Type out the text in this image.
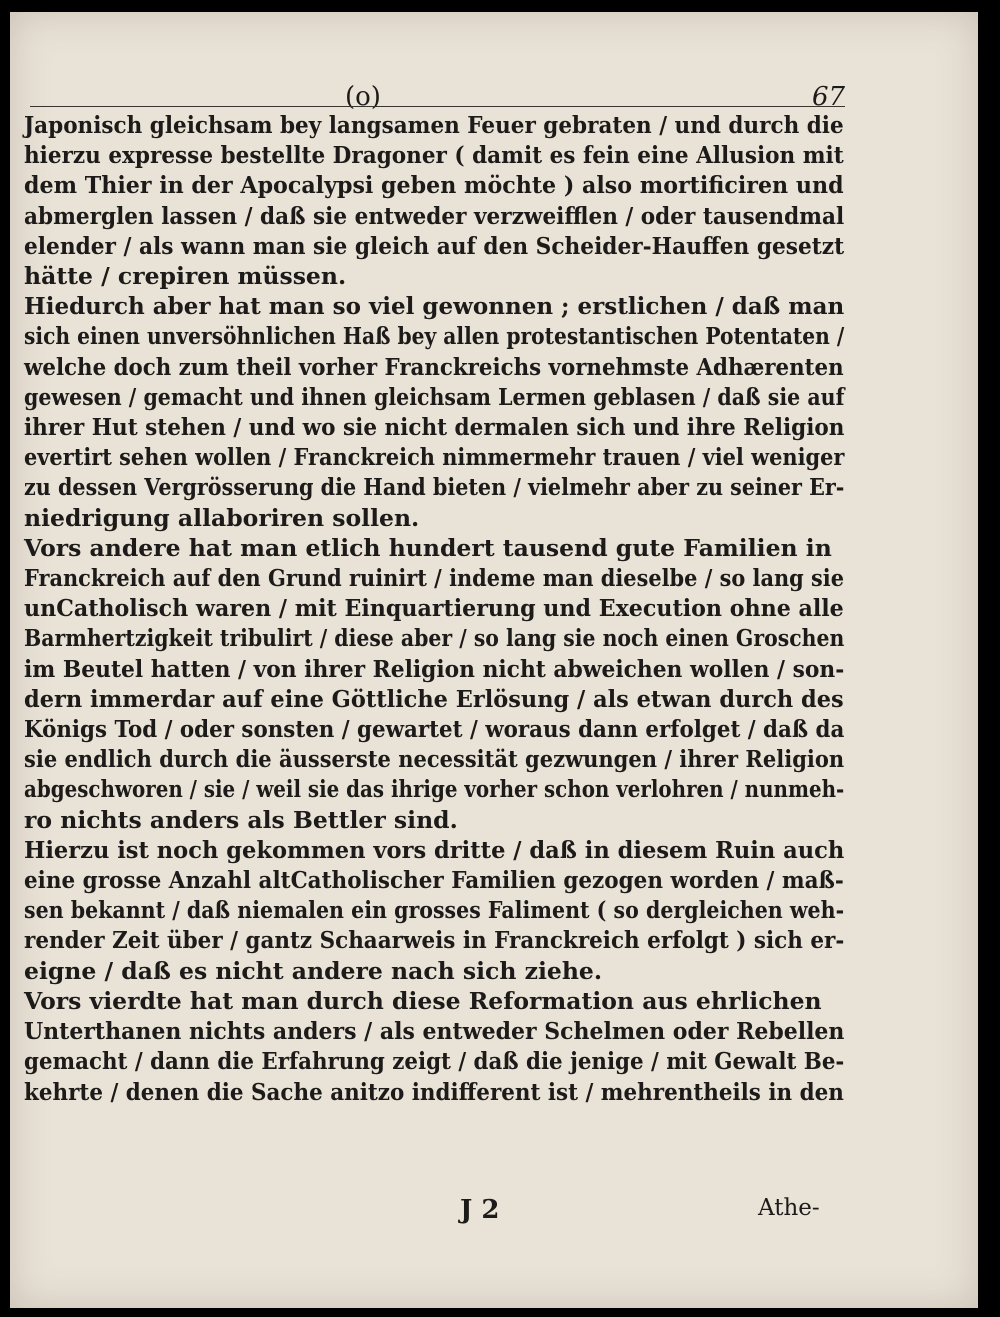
(o)	67
Japonisch gleichsam bey langsamen Feuer gebraten / und durch die
hierzu expresse bestellte Dragoner ( damit es fein eine Allusion mit
dem Thier in der Apocalypsi geben möchte ) also mortificiren und
abmerglen lassen / daß sie entweder verzweifflen / oder tausendmal
elender / als wann man sie gleich auf den Scheider-Hauffen gesetzt
hätte / crepiren müssen.
Hiedurch aber hat man so viel gewonnen ; erstlichen / daß man
sich einen unversöhnlichen Haß bey allen protestantischen Potentaten /
welche doch zum theil vorher Franckreichs vornehmste Adhærenten
gewesen / gemacht und ihnen gleichsam Lermen geblasen / daß sie auf
ihrer Hut stehen / und wo sie nicht dermalen sich und ihre Religion
evertirt sehen wollen / Franckreich nimmermehr trauen / viel weniger
zu dessen Vergrösserung die Hand bieten / vielmehr aber zu seiner Er-
niedrigung allaboriren sollen.
Vors andere hat man etlich hundert tausend gute Familien in
Franckreich auf den Grund ruinirt / indeme man dieselbe / so lang sie
unCatholisch waren / mit Einquartierung und Execution ohne alle
Barmhertzigkeit tribulirt / diese aber / so lang sie noch einen Groschen
im Beutel hatten / von ihrer Religion nicht abweichen wollen / son-
dern immerdar auf eine Göttliche Erlösung / als etwan durch des
Königs Tod / oder sonsten / gewartet / woraus dann erfolget / daß da
sie endlich durch die äusserste necessität gezwungen / ihrer Religion
abgeschworen / sie / weil sie das ihrige vorher schon verlohren / nunmeh-
ro nichts anders als Bettler sind.
Hierzu ist noch gekommen vors dritte / daß in diesem Ruin auch
eine grosse Anzahl altCatholischer Familien gezogen worden / maß-
sen bekannt / daß niemalen ein grosses Faliment ( so dergleichen weh-
render Zeit über / gantz Schaarweis in Franckreich erfolgt ) sich er-
eigne / daß es nicht andere nach sich ziehe.
Vors vierdte hat man durch diese Reformation aus ehrlichen
Unterthanen nichts anders / als entweder Schelmen oder Rebellen
gemacht / dann die Erfahrung zeigt / daß die jenige / mit Gewalt Be-
kehrte / denen die Sache anitzo indifferent ist / mehrentheils in den
J 2	Athe-
